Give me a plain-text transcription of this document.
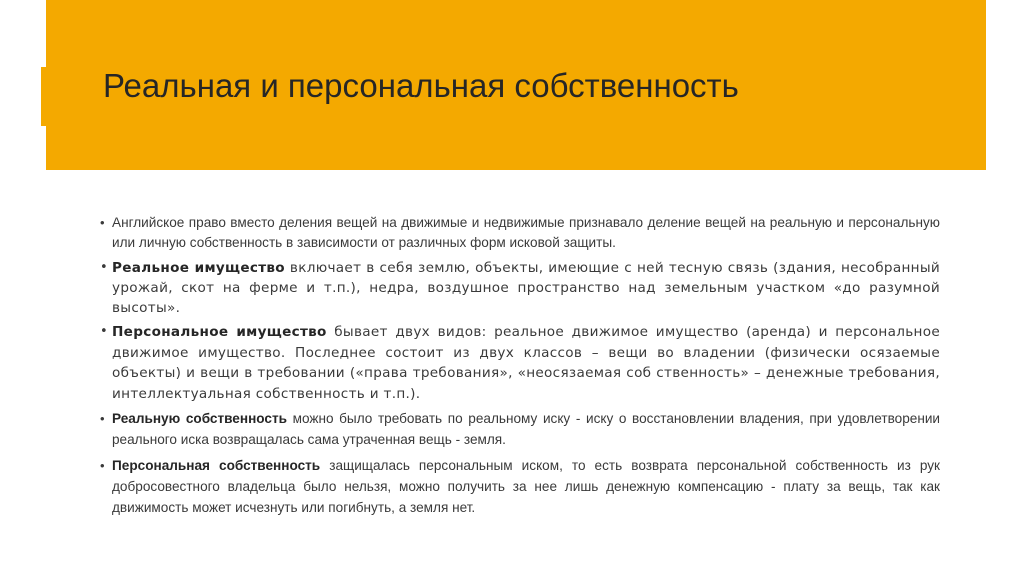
Реальная и персональная собственность
• Английское право вместо деления вещей на движимые и недвижимые признавало деление вещей на реальную и персональную или личную собственность в зависимости от различных форм исковой защиты.
• Реальное имущество включает в себя землю, объекты, имеющие с ней тесную связь (здания, несобранный урожай, скот на ферме и т.п.), недра, воздушное пространство над земельным участком «до разумной высоты».
• Персональное имущество бывает двух видов: реальное движимое имущество (аренда) и персональное движимое имущество. Последнее состоит из двух классов – вещи во владении (физически осязаемые объекты) и вещи в требовании («права требования», «неосязаемая соб ственность» – денежные требования, интеллектуальная собственность и т.п.).
• Реальную собственность можно было требовать по реальному иску - иску о восстановлении владения, при удовлетворении реального иска возвращалась сама утраченная вещь - земля.
• Персональная собственность защищалась персональным иском, то есть возврата персональной собственность из рук добросовестного владельца было нельзя, можно получить за нее лишь денежную компенсацию - плату за вещь, так как движимость может исчезнуть или погибнуть, а земля нет.
